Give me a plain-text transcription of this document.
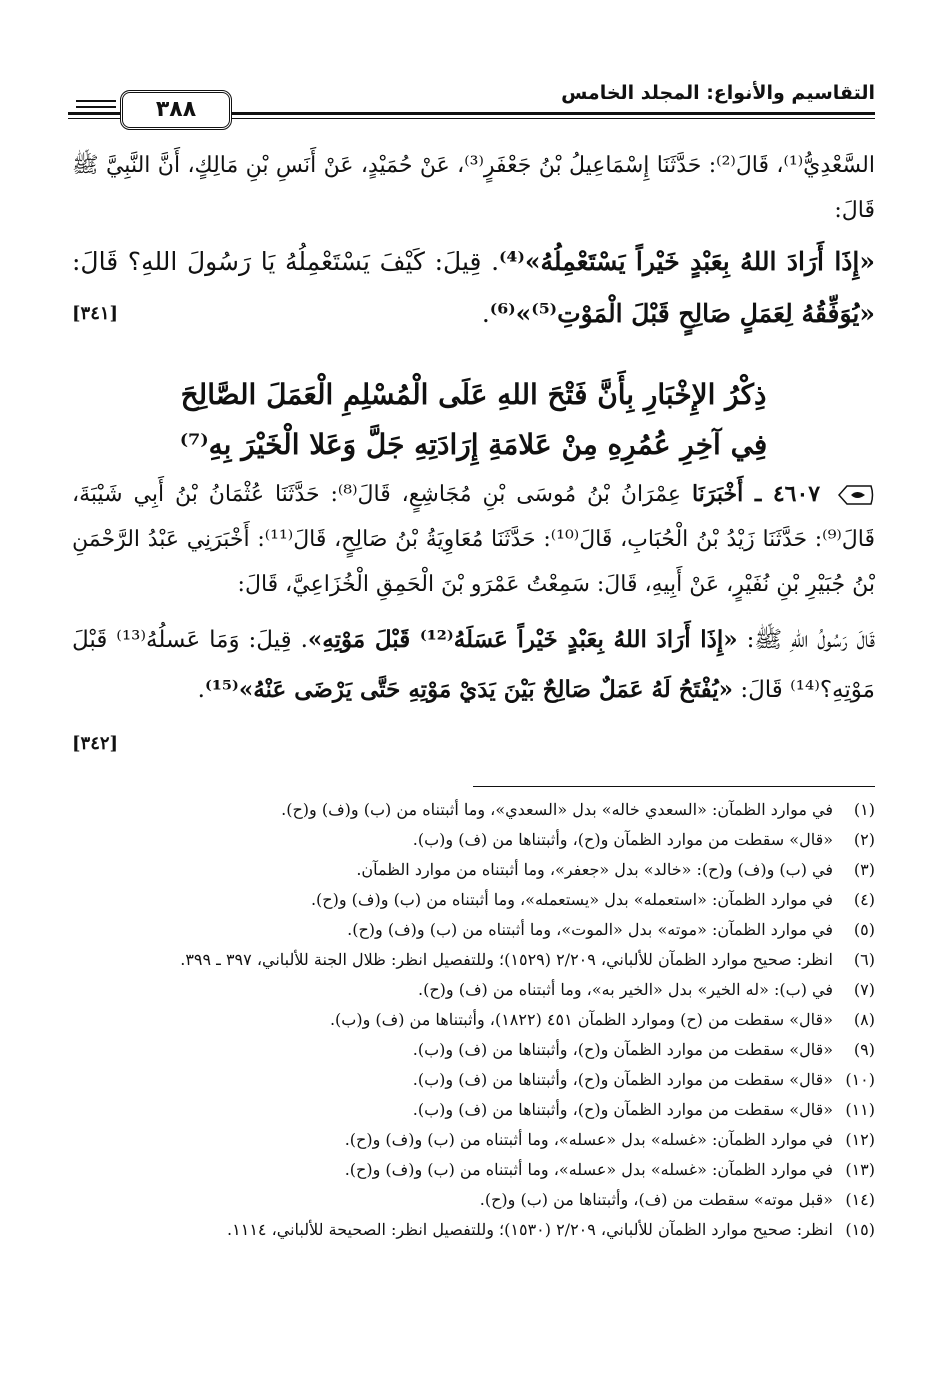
التقاسيم والأنواع: المجلد الخامس
٣٨٨
السَّعْدِيُّ⁽¹⁾، قَالَ⁽²⁾: حَدَّثَنَا إِسْمَاعِيلُ بْنُ جَعْفَرٍ⁽³⁾، عَنْ حُمَيْدٍ، عَنْ أَنَسِ بْنِ مَالِكٍ، أَنَّ النَّبِيَّ ﷺ قَالَ:
«إِذَا أَرَادَ اللهُ بِعَبْدٍ خَيْراً يَسْتَعْمِلُهُ»⁽⁴⁾. قِيلَ: كَيْفَ يَسْتَعْمِلُهُ يَا رَسُولَ اللهِ؟ قَالَ: «يُوَفِّقُهُ لِعَمَلٍ صَالِحٍ قَبْلَ الْمَوْتِ⁽⁵⁾»⁽⁶⁾.
[٣٤١]
ذِكْرُ الإِخْبَارِ بِأَنَّ فَتْحَ اللهِ عَلَى الْمُسْلِمِ الْعَمَلَ الصَّالِحَ
فِي آخِرِ عُمُرِهِ مِنْ عَلامَةِ إِرَادَتِهِ جَلَّ وَعَلا الْخَيْرَ بِهِ⁽⁷⁾
٤٦٠٧ ـ أَخْبَرَنَا عِمْرَانُ بْنُ مُوسَى بْنِ مُجَاشِعٍ، قَالَ⁽⁸⁾: حَدَّثَنَا عُثْمَانُ بْنُ أَبِي شَيْبَةَ، قَالَ⁽⁹⁾: حَدَّثَنَا زَيْدُ بْنُ الْحُبَابِ، قَالَ⁽¹⁰⁾: حَدَّثَنَا مُعَاوِيَةُ بْنُ صَالِحٍ، قَالَ⁽¹¹⁾: أَخْبَرَنِي عَبْدُ الرَّحْمَنِ بْنُ جُبَيْرِ بْنِ نُفَيْرٍ، عَنْ أَبِيهِ، قَالَ: سَمِعْتُ عَمْرَو بْنَ الْحَمِقِ الْخُزَاعِيَّ، قَالَ:
قَالَ رَسُولُ اللهِ ﷺ: «إِذَا أَرَادَ اللهُ بِعَبْدٍ خَيْراً عَسَلَهُ⁽¹²⁾ قَبْلَ مَوْتِهِ». قِيلَ: وَمَا عَسلُهُ⁽¹³⁾ قَبْلَ مَوْتِهِ؟⁽¹⁴⁾ قَالَ: «يُفْتَحُ لَهُ عَمَلٌ صَالِحٌ بَيْنَ يَدَيْ مَوْتِهِ حَتَّى يَرْضَى عَنْهُ»⁽¹⁵⁾.
[٣٤٢]
(١)
في موارد الظمآن: «السعدي خاله» بدل «السعدي»، وما أثبتناه من (ب) و(ف) و(ح).
(٢)
«قال» سقطت من موارد الظمآن و(ح)، وأثبتناها من (ف) و(ب).
(٣)
في (ب) و(ف) و(ح): «خالد» بدل «جعفر»، وما أثبتناه من موارد الظمآن.
(٤)
في موارد الظمآن: «استعمله» بدل «يستعمله»، وما أثبتناه من (ب) و(ف) و(ح).
(٥)
في موارد الظمآن: «موته» بدل «الموت»، وما أثبتناه من (ب) و(ف) و(ح).
(٦)
انظر: صحيح موارد الظمآن للألباني، ٢/٢٠٩ (١٥٢٩)؛ وللتفصيل انظر: ظلال الجنة للألباني، ٣٩٧ ـ ٣٩٩.
(٧)
في (ب): «له الخير» بدل «الخير به»، وما أثبتناه من (ف) و(ح).
(٨)
«قال» سقطت من (ح) وموارد الظمآن ٤٥١ (١٨٢٢)، وأثبتناها من (ف) و(ب).
(٩)
«قال» سقطت من موارد الظمآن و(ح)، وأثبتناها من (ف) و(ب).
(١٠)
«قال» سقطت من موارد الظمآن و(ح)، وأثبتناها من (ف) و(ب).
(١١)
«قال» سقطت من موارد الظمآن و(ح)، وأثبتناها من (ف) و(ب).
(١٢)
في موارد الظمآن: «غسله» بدل «عسله»، وما أثبتناه من (ب) و(ف) و(ح).
(١٣)
في موارد الظمآن: «غسله» بدل «عسله»، وما أثبتناه من (ب) و(ف) و(ح).
(١٤)
«قبل موته» سقطت من (ف)، وأثبتناها من (ب) و(ح).
(١٥)
انظر: صحيح موارد الظمآن للألباني، ٢/٢٠٩ (١٥٣٠)؛ وللتفصيل انظر: الصحيحة للألباني، ١١١٤.
